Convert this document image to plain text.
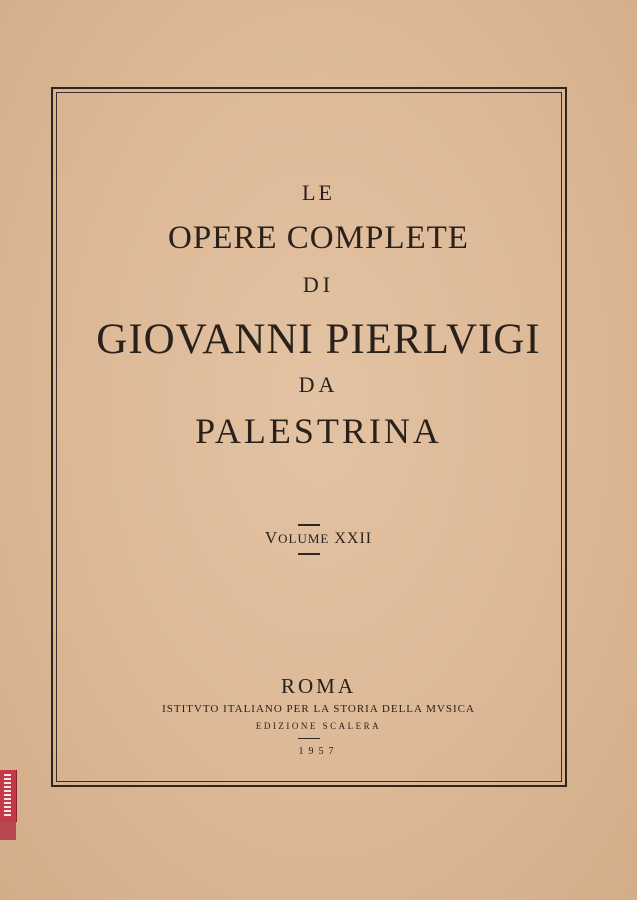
LE
OPERE COMPLETE
DI
GIOVANNI PIERLVIGI
DA
PALESTRINA
VOLUME XXII
ROMA
ISTITVTO ITALIANO PER LA STORIA DELLA MVSICA
EDIZIONE SCALERA
1957
